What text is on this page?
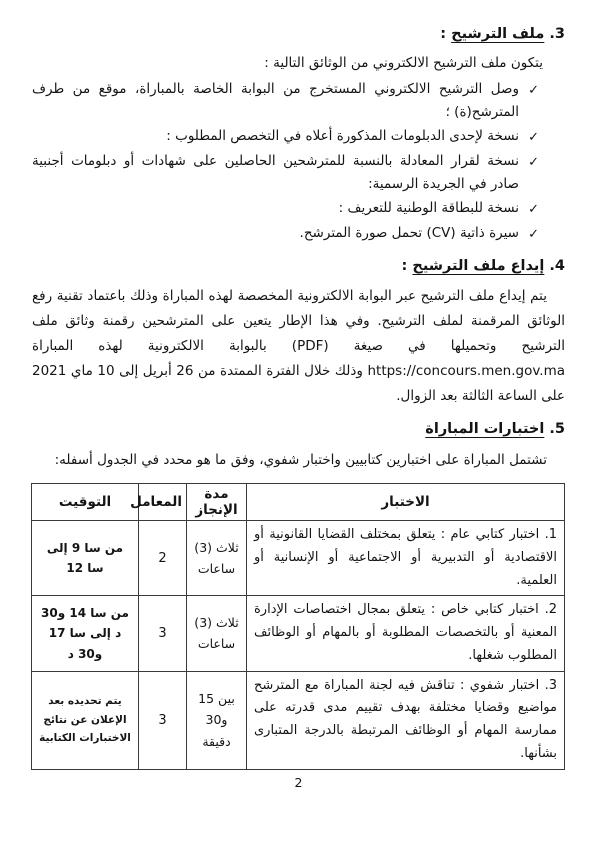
3. ملف الترشيح :
يتكون ملف الترشيح الالكتروني من الوثائق التالية :
✓
وصل الترشيح الالكتروني المستخرج من البوابة الخاصة بالمباراة، موقع من طرف المترشح(ة) ؛
✓
نسخة لإحدى الدبلومات المذكورة أعلاه في التخصص المطلوب :
✓
نسخة لقرار المعادلة بالنسبة للمترشحين الحاصلين على شهادات أو دبلومات أجنبية صادر في الجريدة الرسمية:
✓
نسخة للبطاقة الوطنية للتعريف :
✓
سيرة ذاتية (CV) تحمل صورة المترشح.
4. إيداع ملف الترشيح :
يتم إيداع ملف الترشيح عبر البوابة الالكترونية المخصصة لهذه المباراة وذلك باعتماد تقنية رفع الوثائق المرقمنة لملف الترشيح. وفي هذا الإطار يتعين على المترشحين رقمنة وثائق ملف الترشيح وتحميلها في صيغة (PDF) بالبوابة الالكترونية لهذه المباراة https://concours.men.gov.ma وذلك خلال الفترة الممتدة من 26 أبريل إلى 10 ماي 2021 على الساعة الثالثة بعد الزوال.
5. اختبارات المباراة
تشتمل المباراة على اختبارين كتابيين واختبار شفوي، وفق ما هو محدد في الجدول أسفله:
الاختبار	مدة الإنجاز	المعامل	التوقيت
1. اختبار كتابي عام : يتعلق بمختلف القضايا القانونية أو الاقتصادية أو التدبيرية أو الاجتماعية أو الإنسانية أو العلمية.	ثلاث (3) ساعات	2	من سا 9 إلى سا 12
2. اختبار كتابي خاص : يتعلق بمجال اختصاصات الإدارة المعنية أو بالتخصصات المطلوبة أو بالمهام أو الوظائف المطلوب شغلها.	ثلاث (3) ساعات	3	من سا 14 و30 د إلى سا 17 و30 د
3. اختبار شفوي : تناقش فيه لجنة المباراة مع المترشح مواضيع وقضايا مختلفة بهدف تقييم مدى قدرته على ممارسة المهام أو الوظائف المرتبطة بالدرجة المتبارى بشأنها.	بين 15 و30 دقيقة	3	يتم تحديده بعد الإعلان عن نتائج الاختبارات الكتابية
2
